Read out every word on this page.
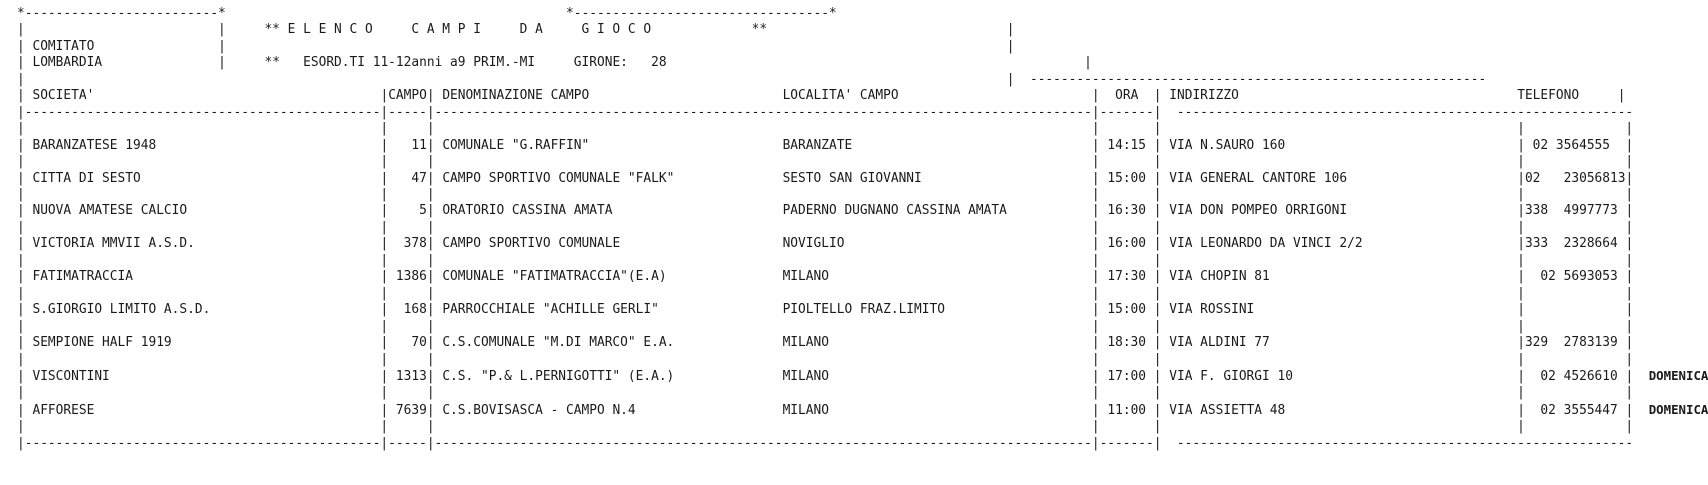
*-------------------------*                                            *---------------------------------*
|                         |     ** E L E N C O     C A M P I     D A     G I O C O	**                               |
| COMITATO	|                                                                                                     |
| LOMBARDIA	|     **   ESORD.TI 11-12anni a9 PRIM.-MI	GIRONE: 28                                                      |
|                                                                                                                               |  -----------------------------------------------------------
| SOCIETA'	|CAMPO| DENOMINAZIONE CAMPO	LOCALITA' CAMPO	|  ORA | INDIRIZZO	TELEFONO	|
|----------------------------------------------|-----|-------------------------------------------------------------------------------------|-------|  -----------------------------------------------------------
|                                              |     |                                                                                     |       |                                              |             |
| BARANZATESE 1948	| 11| COMUNALE "G.RAFFIN"	BARANZATE	| 14:15 | VIA N.SAURO 160	| 02 3564555 |
|                                              |     |                                                                                     |       |                                              |             |
| CITTA DI SESTO	| 47| CAMPO SPORTIVO COMUNALE "FALK"	SESTO SAN GIOVANNI	| 15:00 | VIA GENERAL CANTORE 106	|02   23056813|
|                                              |     |                                                                                     |       |                                              |             |
| NUOVA AMATESE CALCIO	| 5| ORATORIO CASSINA AMATA	PADERNO DUGNANO CASSINA AMATA	| 16:30 | VIA DON POMPEO ORRIGONI	|338  4997773 |
|                                              |     |                                                                                     |       |                                              |             |
| VICTORIA MMVII A.S.D.	| 378| CAMPO SPORTIVO COMUNALE	NOVIGLIO	| 16:00 | VIA LEONARDO DA VINCI 2/2	|333  2328664 |
|                                              |     |                                                                                     |       |                                              |             |
| FATIMATRACCIA	| 1386| COMUNALE "FATIMATRACCIA"(E.A)	MILANO	| 17:30 | VIA CHOPIN 81	|  02 5693053 |
|                                              |     |                                                                                     |       |                                              |             |
| S.GIORGIO LIMITO A.S.D.	| 168| PARROCCHIALE "ACHILLE GERLI"	PIOLTELLO FRAZ.LIMITO	| 15:00 | VIA ROSSINI	|	|
|                                              |     |                                                                                     |       |                                              |             |
| SEMPIONE HALF 1919	| 70| C.S.COMUNALE "M.DI MARCO" E.A.	MILANO	| 18:30 | VIA ALDINI 77	|329  2783139 |
|                                              |     |                                                                                     |       |                                              |             |
| VISCONTINI	| 1313| C.S. "P.& L.PERNIGOTTI" (E.A.)	MILANO	| 17:00 | VIA F. GIORGI 10	|  02 4526610 | DOMENICA
|                                              |     |                                                                                     |       |                                              |             |
| AFFORESE	| 7639| C.S.BOVISASCA - CAMPO N.4	MILANO	| 11:00 | VIA ASSIETTA 48	|  02 3555447 | DOMENICA
|                                              |     |                                                                                     |       |                                              |             |
|----------------------------------------------|-----|-------------------------------------------------------------------------------------|-------|  -----------------------------------------------------------
